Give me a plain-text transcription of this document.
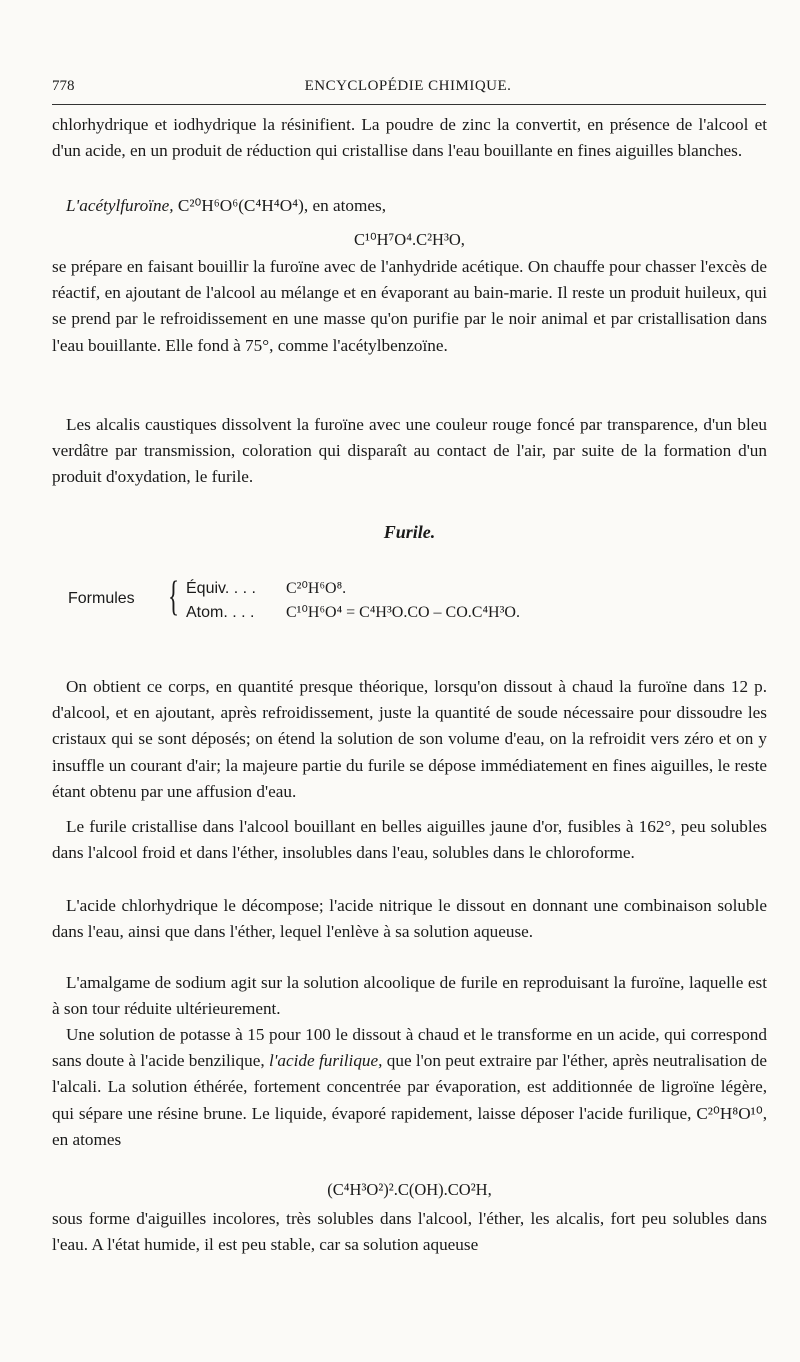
778	ENCYCLOPÉDIE CHIMIQUE.
chlorhydrique et iodhydrique la résinifient. La poudre de zinc la convertit, en présence de l'alcool et d'un acide, en un produit de réduction qui cristallise dans l'eau bouillante en fines aiguilles blanches.
L'acétylfuroïne, C²⁰H⁶O⁶(C⁴H⁴O⁴), en atomes,
C¹⁰H⁷O⁴.C²H³O,
se prépare en faisant bouillir la furoïne avec de l'anhydride acétique. On chauffe pour chasser l'excès de réactif, en ajoutant de l'alcool au mélange et en évaporant au bain-marie. Il reste un produit huileux, qui se prend par le refroidissement en une masse qu'on purifie par le noir animal et par cristallisation dans l'eau bouillante. Elle fond à 75°, comme l'acétylbenzoïne.
Les alcalis caustiques dissolvent la furoïne avec une couleur rouge foncé par transparence, d'un bleu verdâtre par transmission, coloration qui disparaît au contact de l'air, par suite de la formation d'un produit d'oxydation, le furile.
Furile.
Formules { Équiv. . . . C²⁰H⁶O⁸.
Atom. . . . C¹⁰H⁶O⁴ = C⁴H³O.CO – CO.C⁴H³O.
On obtient ce corps, en quantité presque théorique, lorsqu'on dissout à chaud la furoïne dans 12 p. d'alcool, et en ajoutant, après refroidissement, juste la quantité de soude nécessaire pour dissoudre les cristaux qui se sont déposés; on étend la solution de son volume d'eau, on la refroidit vers zéro et on y insuffle un courant d'air; la majeure partie du furile se dépose immédiatement en fines aiguilles, le reste étant obtenu par une affusion d'eau.
Le furile cristallise dans l'alcool bouillant en belles aiguilles jaune d'or, fusibles à 162°, peu solubles dans l'alcool froid et dans l'éther, insolubles dans l'eau, solubles dans le chloroforme.
L'acide chlorhydrique le décompose; l'acide nitrique le dissout en donnant une combinaison soluble dans l'eau, ainsi que dans l'éther, lequel l'enlève à sa solution aqueuse.
L'amalgame de sodium agit sur la solution alcoolique de furile en reproduisant la furoïne, laquelle est à son tour réduite ultérieurement.
Une solution de potasse à 15 pour 100 le dissout à chaud et le transforme en un acide, qui correspond sans doute à l'acide benzilique, l'acide furilique, que l'on peut extraire par l'éther, après neutralisation de l'alcali. La solution éthérée, fortement concentrée par évaporation, est additionnée de ligroïne légère, qui sépare une résine brune. Le liquide, évaporé rapidement, laisse déposer l'acide furilique, C²⁰H⁸O¹⁰, en atomes
(C⁴H³O²)².C(OH).CO²H,
sous forme d'aiguilles incolores, très solubles dans l'alcool, l'éther, les alcalis, fort peu solubles dans l'eau. A l'état humide, il est peu stable, car sa solution aqueuse
